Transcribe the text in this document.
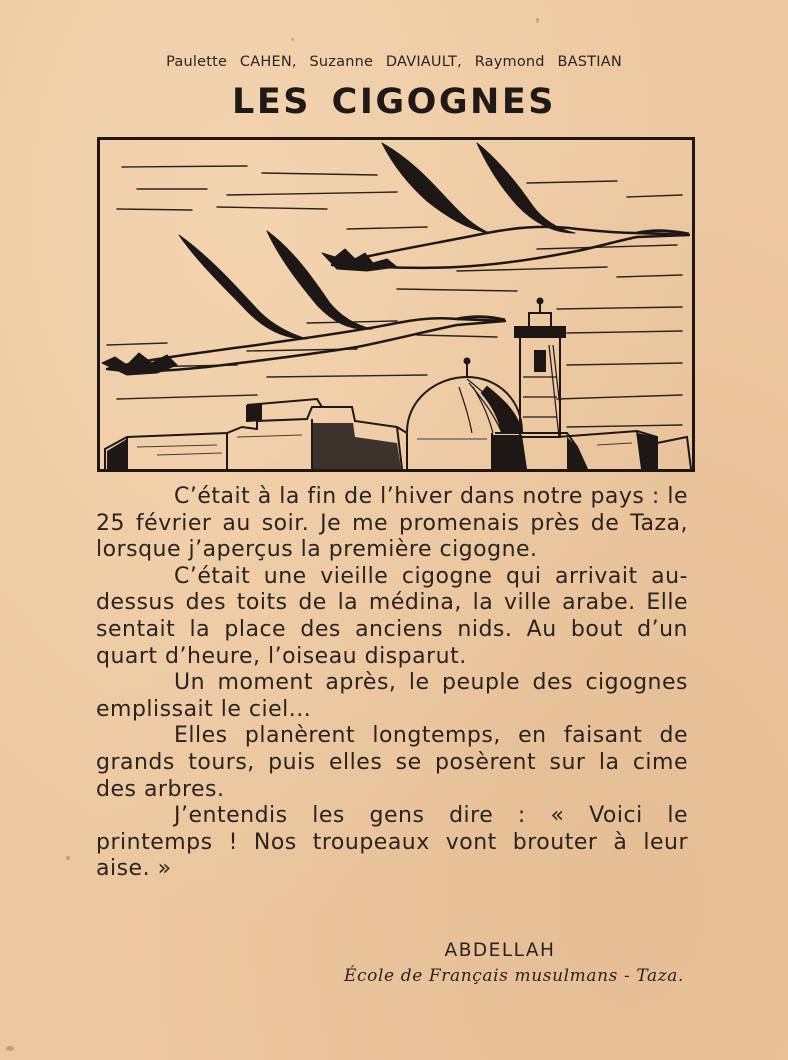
Paulette CAHEN, Suzanne DAVIAULT, Raymond BASTIAN
LES CIGOGNES

C’était à la fin de l’hiver dans notre pays : le 25 février au soir. Je me promenais près de Taza, lorsque j’aperçus la première cigogne.

C’était une vieille cigogne qui arrivait au-dessus des toits de la médina, la ville arabe. Elle sentait la place des anciens nids. Au bout d’un quart d’heure, l’oiseau disparut.

Un moment après, le peuple des cigognes emplissait le ciel...

Elles planèrent longtemps, en faisant de grands tours, puis elles se posèrent sur la cime des arbres.

J’entendis les gens dire : « Voici le printemps ! Nos troupeaux vont brouter à leur aise. »

ABDELLAH
École de Français musulmans - Taza.
